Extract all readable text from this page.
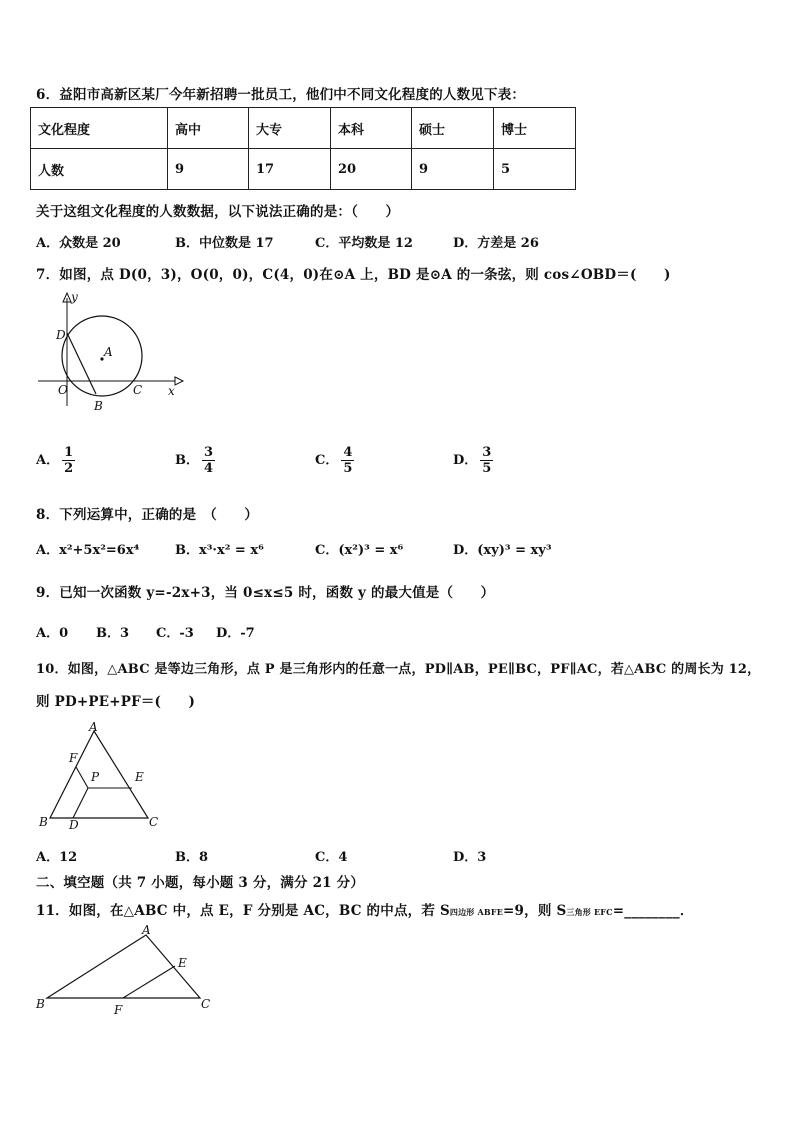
6．益阳市高新区某厂今年新招聘一批员工，他们中不同文化程度的人数见下表：
文化程度	高中	大专	本科	硕士	博士
人数	9	17	20	9	5
关于这组文化程度的人数数据，以下说法正确的是：（　　）
A．众数是 20	B．中位数是 17	C．平均数是 12	D．方差是 26
7．如图，点 D(0，3)，O(0，0)，C(4，0)在⊙A 上，BD 是⊙A 的一条弦，则 cos∠OBD＝(　　)
y
D
A
O	C x
B
A． $\frac{1}{2}$	B． $\frac{3}{4}$	C． $\frac{4}{5}$	D． $\frac{3}{5}$
8．下列运算中，正确的是　（　　）
A．x²+5x²=6x⁴	B．x³·x² = x⁶	C．(x²)³ = x⁶	D．(xy)³ = xy³
9．已知一次函数 y=-2x+3，当 0≤x≤5 时，函数 y 的最大值是（　　）
A．0 B．3 C．-3 D．-7
10．如图，△ABC 是等边三角形，点 P 是三角形内的任意一点，PD∥AB，PE∥BC，PF∥AC，若△ABC 的周长为 12，
则 PD+PE+PF＝(　　)
A
F
P	E
B D	C
A．12	B．8	C．4	D．3
二、填空题（共 7 小题，每小题 3 分，满分 21 分）
11．如图，在△ABC 中，点 E，F 分别是 AC，BC 的中点，若 S四边形 ABFE=9，则 S三角形 EFC=________．
A
E
B	F	C
